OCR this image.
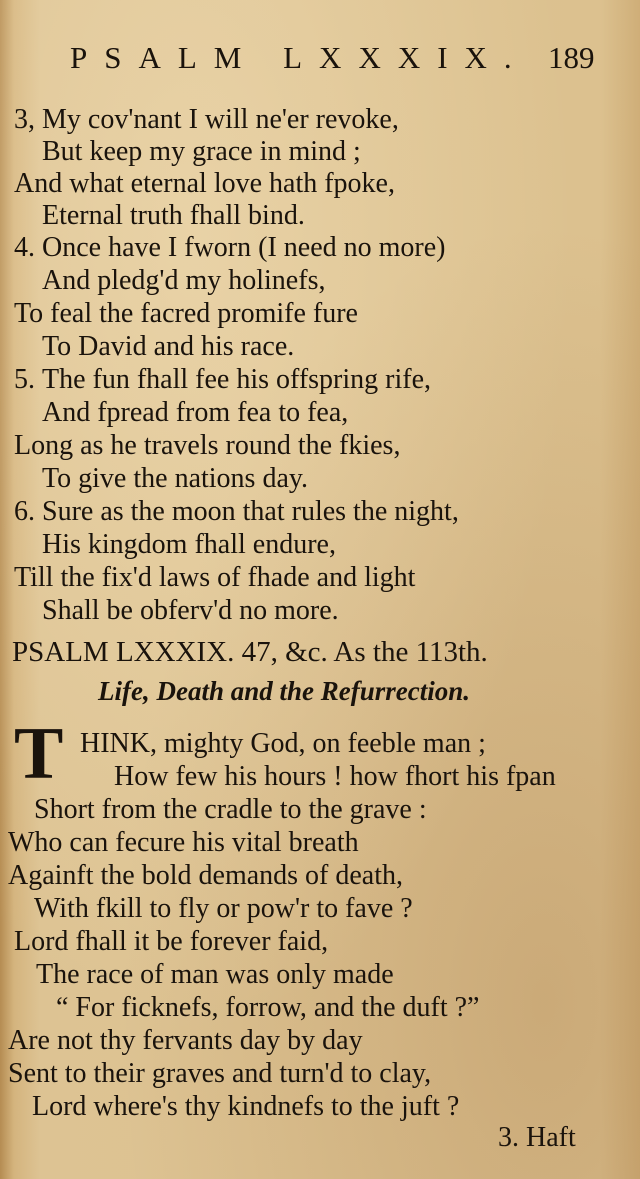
PSALM LXXXIX. 189
3, My cov'nant I will ne'er revoke,
But keep my grace in mind ;
And what eternal love hath fpoke,
Eternal truth fhall bind.
4. Once have I fworn (I need no more)
And pledg'd my holinefs,
To feal the facred promife fure
To David and his race.
5. The fun fhall fee his offspring rife,
And fpread from fea to fea,
Long as he travels round the fkies,
To give the nations day.
6. Sure as the moon that rules the night,
His kingdom fhall endure,
Till the fix'd laws of fhade and light
Shall be obferv'd no more.
PSALM LXXXIX. 47, &c. As the 113th.
Life, Death and the Refurrection.
T HINK, mighty God, on feeble man ;
How few his hours ! how fhort his fpan
Short from the cradle to the grave :
Who can fecure his vital breath
Againft the bold demands of death,
With fkill to fly or pow'r to fave ?
Lord fhall it be forever faid,
The race of man was only made
“ For ficknefs, forrow, and the duft ?”
Are not thy fervants day by day
Sent to their graves and turn'd to clay,
Lord where's thy kindnefs to the juft ?
3. Haft
